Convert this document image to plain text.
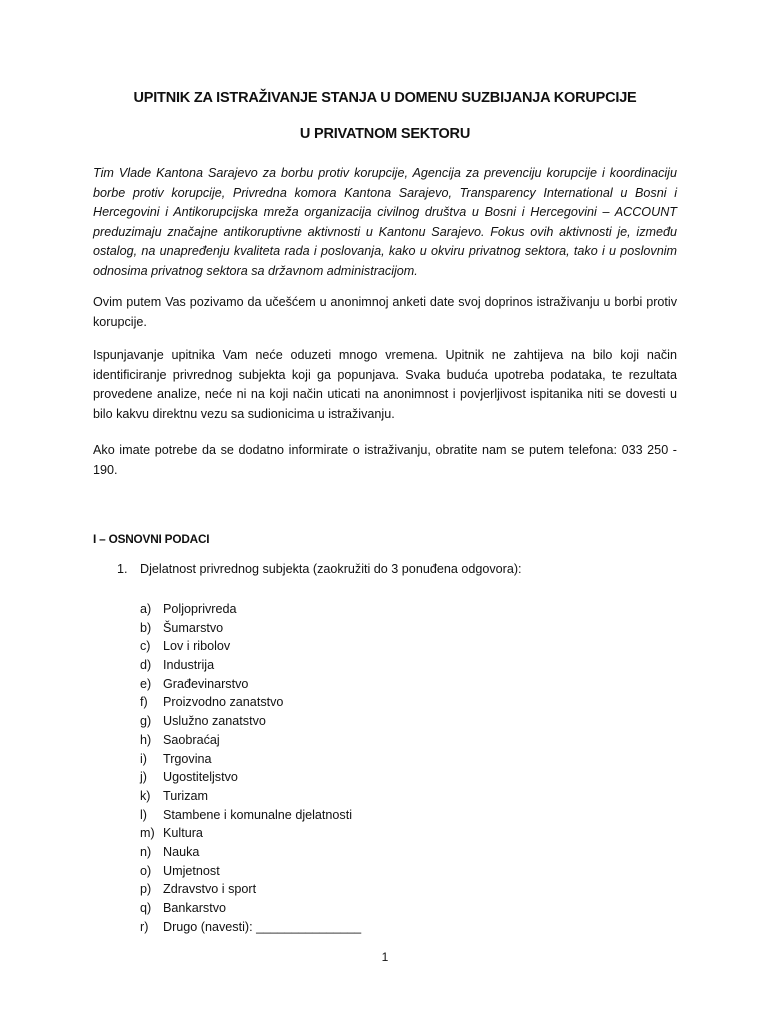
UPITNIK ZA ISTRAŽIVANJE STANJA U DOMENU SUZBIJANJA KORUPCIJE
U PRIVATNOM SEKTORU

Tim Vlade Kantona Sarajevo za borbu protiv korupcije, Agencija za prevenciju korupcije i koordinaciju borbe protiv korupcije, Privredna komora Kantona Sarajevo, Transparency International u Bosni i Hercegovini i Antikorupcijska mreža organizacija civilnog društva u Bosni i Hercegovini – ACCOUNT preduzimaju značajne antikoruptivne aktivnosti u Kantonu Sarajevo. Fokus ovih aktivnosti je, između ostalog, na unapređenju kvaliteta rada i poslovanja, kako u okviru privatnog sektora, tako i u poslovnim odnosima privatnog sektora sa državnom administracijom.

Ovim putem Vas pozivamo da učešćem u anonimnoj anketi date svoj doprinos istraživanju u borbi protiv korupcije.

Ispunjavanje upitnika Vam neće oduzeti mnogo vremena. Upitnik ne zahtijeva na bilo koji način identificiranje privrednog subjekta koji ga popunjava. Svaka buduća upotreba podataka, te rezultata provedene analize, neće ni na koji način uticati na anonimnost i povjerljivost ispitanika niti se dovesti u bilo kakvu direktnu vezu sa sudionicima u istraživanju.

Ako imate potrebe da se dodatno informirate o istraživanju, obratite nam se putem telefona: 033 250 - 190.

I – OSNOVNI PODACI
1. Djelatnost privrednog subjekta (zaokružiti do 3 ponuđena odgovora):
a) Poljoprivreda
b) Šumarstvo
c) Lov i ribolov
d) Industrija
e) Građevinarstvo
f) Proizvodno zanatstvo
g) Uslužno zanatstvo
h) Saobraćaj
i) Trgovina
j) Ugostiteljstvo
k) Turizam
l) Stambene i komunalne djelatnosti
m) Kultura
n) Nauka
o) Umjetnost
p) Zdravstvo i sport
q) Bankarstvo
r) Drugo (navesti): _______________
1
